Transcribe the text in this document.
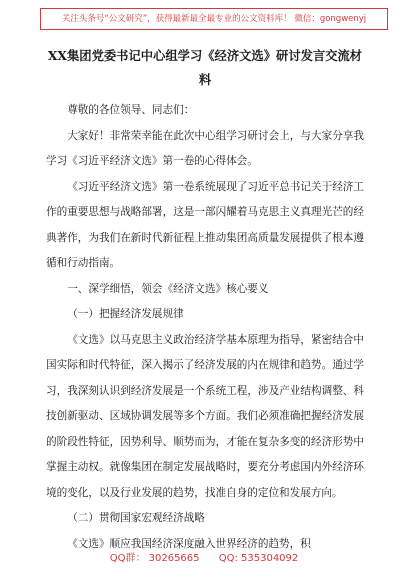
关注头条号“公文研究”，获得最新最全最专业的公文资料库！ 微信：gongwenyj
XX集团党委书记中心组学习《经济文选》研讨发言交流材料

尊敬的各位领导、同志们：

大家好！非常荣幸能在此次中心组学习研讨会上，与大家分享我学习《习近平经济文选》第一卷的心得体会。

《习近平经济文选》第一卷系统展现了习近平总书记关于经济工作的重要思想与战略部署，这是一部闪耀着马克思主义真理光芒的经典著作，为我们在新时代新征程上推动集团高质量发展提供了根本遵循和行动指南。

一、深学细悟，领会《经济文选》核心要义

（一）把握经济发展规律

《文选》以马克思主义政治经济学基本原理为指导，紧密结合中国实际和时代特征，深入揭示了经济发展的内在规律和趋势。通过学习，我深刻认识到经济发展是一个系统工程，涉及产业结构调整、科技创新驱动、区域协调发展等多个方面。我们必须准确把握经济发展的阶段性特征，因势利导、顺势而为，才能在复杂多变的经济形势中掌握主动权。就像集团在制定发展战略时，要充分考虑国内外经济环境的变化，以及行业发展的趋势，找准自身的定位和发展方向。

（二）贯彻国家宏观经济战略

《文选》顺应我国经济深度融入世界经济的趋势，积

QQ群： 30265665 QQ: 535304092
